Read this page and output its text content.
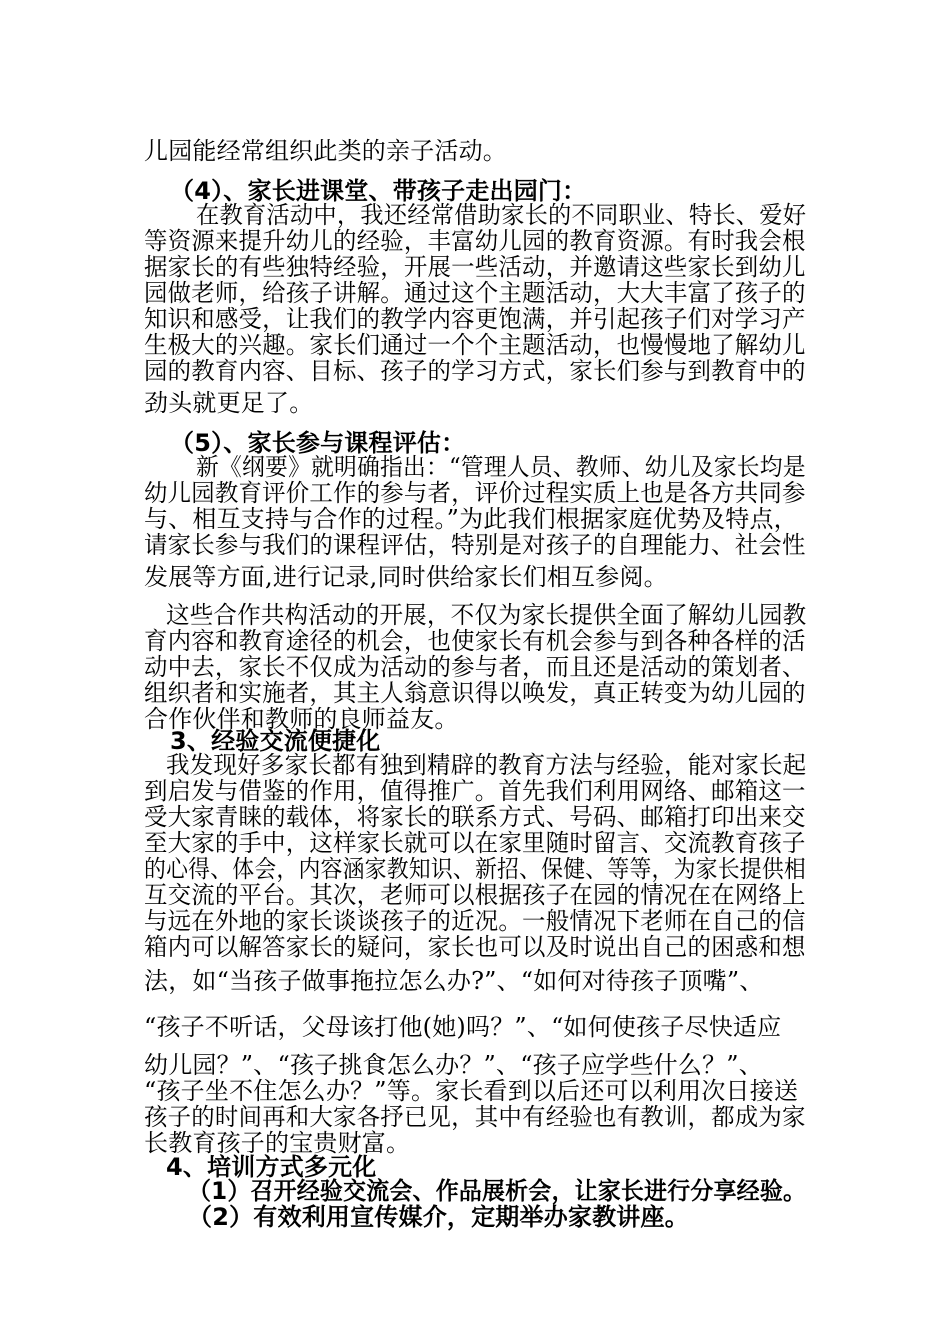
儿园能经常组织此类的亲子活动。

（4）、家长进课堂、带孩子走出园门：

在教育活动中，我还经常借助家长的不同职业、特长、爱好

等资源来提升幼儿的经验，丰富幼儿园的教育资源。有时我会根

据家长的有些独特经验，开展一些活动，并邀请这些家长到幼儿

园做老师，给孩子讲解。通过这个主题活动，大大丰富了孩子的

知识和感受，让我们的教学内容更饱满，并引起孩子们对学习产

生极大的兴趣。家长们通过一个个主题活动，也慢慢地了解幼儿

园的教育内容、目标、孩子的学习方式，家长们参与到教育中的

劲头就更足了。

（5）、家长参与课程评估：

新《纲要》就明确指出：“管理人员、教师、幼儿及家长均是

幼儿园教育评价工作的参与者，评价过程实质上也是各方共同参

与、相互支持与合作的过程。”为此我们根据家庭优势及特点，

请家长参与我们的课程评估，特别是对孩子的自理能力、社会性

发展等方面,进行记录,同时供给家长们相互参阅。

这些合作共构活动的开展，不仅为家长提供全面了解幼儿园教

育内容和教育途径的机会，也使家长有机会参与到各种各样的活

动中去，家长不仅成为活动的参与者，而且还是活动的策划者、

组织者和实施者，其主人翁意识得以唤发，真正转变为幼儿园的

合作伙伴和教师的良师益友。

3、经验交流便捷化

我发现好多家长都有独到精辟的教育方法与经验，能对家长起

到启发与借鉴的作用，值得推广。首先我们利用网络、邮箱这一

受大家青睐的载体，将家长的联系方式、号码、邮箱打印出来交

至大家的手中，这样家长就可以在家里随时留言、交流教育孩子

的心得、体会，内容涵家教知识、新招、保健、等等，为家长提供相

互交流的平台。其次，老师可以根据孩子在园的情况在在网络上

与远在外地的家长谈谈孩子的近况。一般情况下老师在自己的信

箱内可以解答家长的疑问，家长也可以及时说出自己的困惑和想

法，如“当孩子做事拖拉怎么办?”、“如何对待孩子顶嘴”、

“孩子不听话，父母该打他(她)吗？”、“如何使孩子尽快适应

幼儿园？”、“孩子挑食怎么办？”、“孩子应学些什么？”、

“孩子坐不住怎么办？”等。家长看到以后还可以利用次日接送

孩子的时间再和大家各抒已见，其中有经验也有教训，都成为家

长教育孩子的宝贵财富。

4、培训方式多元化

（1）召开经验交流会、作品展析会，让家长进行分享经验。

（2）有效利用宣传媒介，定期举办家教讲座。
